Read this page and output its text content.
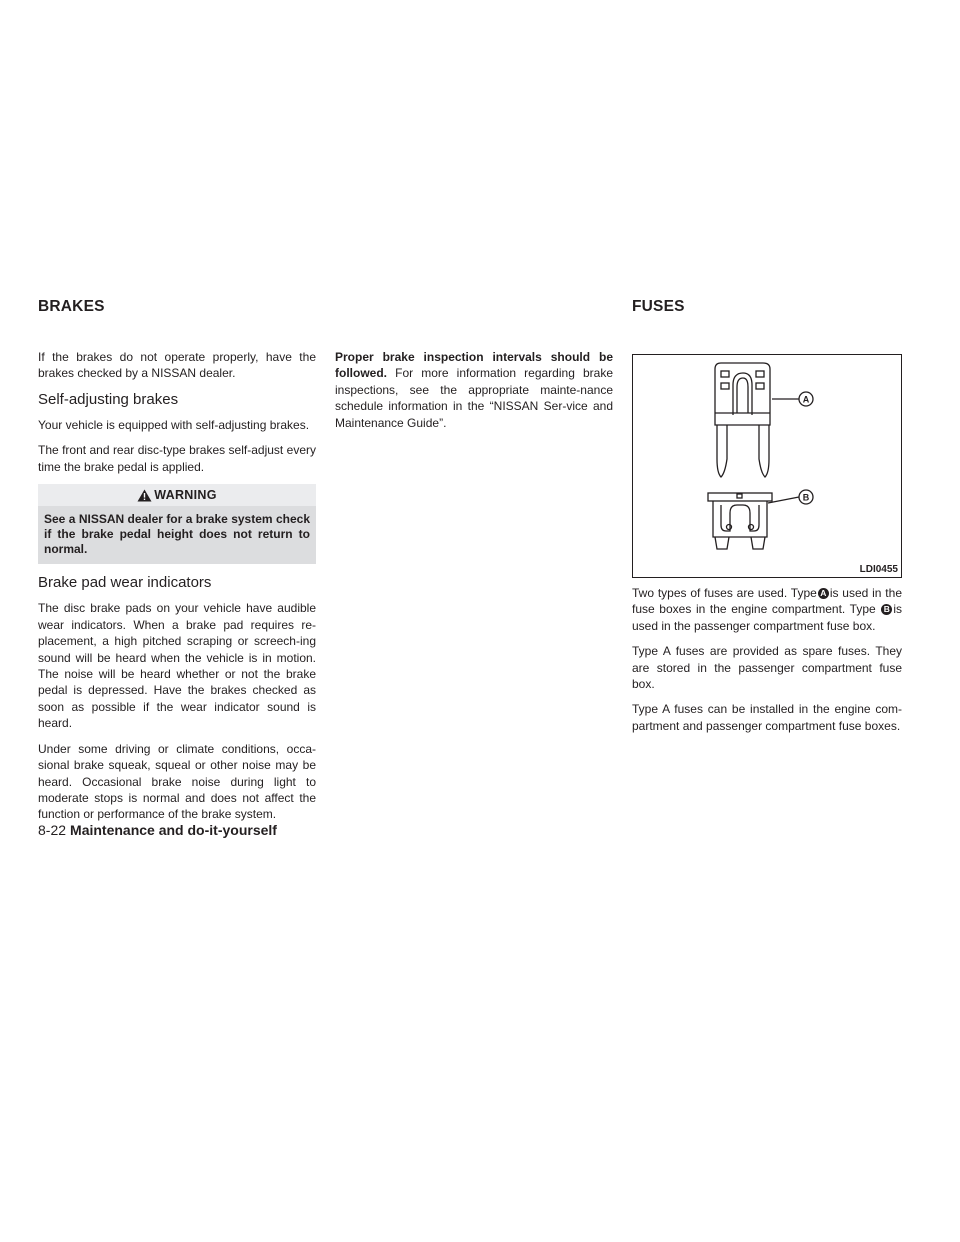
BRAKES	FUSES

If the brakes do not operate properly, have the brakes checked by a NISSAN dealer.

Self-adjusting brakes

Your vehicle is equipped with self-adjusting brakes.

The front and rear disc-type brakes self-adjust every time the brake pedal is applied.

WARNING
See a NISSAN dealer for a brake system check if the brake pedal height does not return to normal.
Brake pad wear indicators

The disc brake pads on your vehicle have audible wear indicators. When a brake pad requires re-placement, a high pitched scraping or screech-ing sound will be heard when the vehicle is in motion. The noise will be heard whether or not the brake pedal is depressed. Have the brakes checked as soon as possible if the wear indicator sound is heard.

Under some driving or climate conditions, occa-sional brake squeak, squeal or other noise may be heard. Occasional brake noise during light to moderate stops is normal and does not affect the function or performance of the brake system.

Proper brake inspection intervals should be followed. For more information regarding brake inspections, see the appropriate mainte-nance schedule information in the “NISSAN Ser-vice and Maintenance Guide”.

A
B
LDI0455

Two types of fuses are used. Type A is used in the fuse boxes in the engine compartment. Type B is used in the passenger compartment fuse box.

Type A fuses are provided as spare fuses. They are stored in the passenger compartment fuse box.

Type A fuses can be installed in the engine com-partment and passenger compartment fuse boxes.

8-22 Maintenance and do-it-yourself
